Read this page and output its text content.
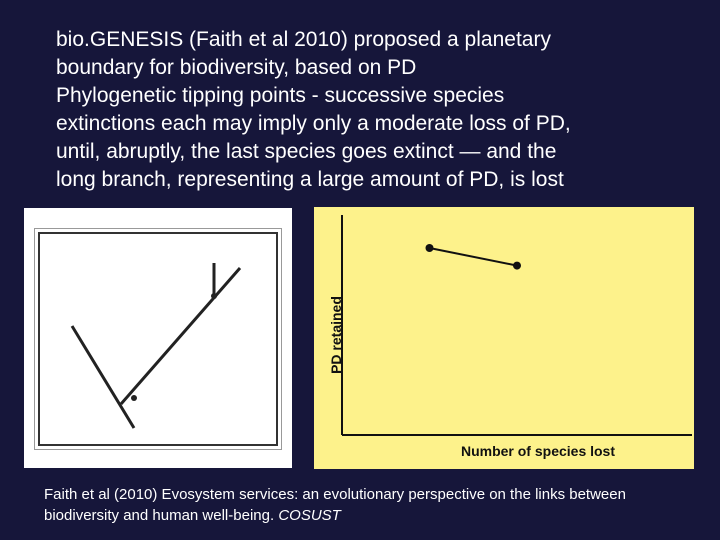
bio.GENESIS (Faith et al 2010) proposed a planetary
boundary for biodiversity, based on PD
Phylogenetic tipping points - successive species
extinctions each may imply only a moderate loss of PD,
until, abruptly, the last species goes extinct — and the
long branch, representing a large amount of PD, is lost
Number of species lost
PD retained
Faith et al (2010) Evosystem services: an evolutionary perspective on the links between biodiversity and human well-being. COSUST
